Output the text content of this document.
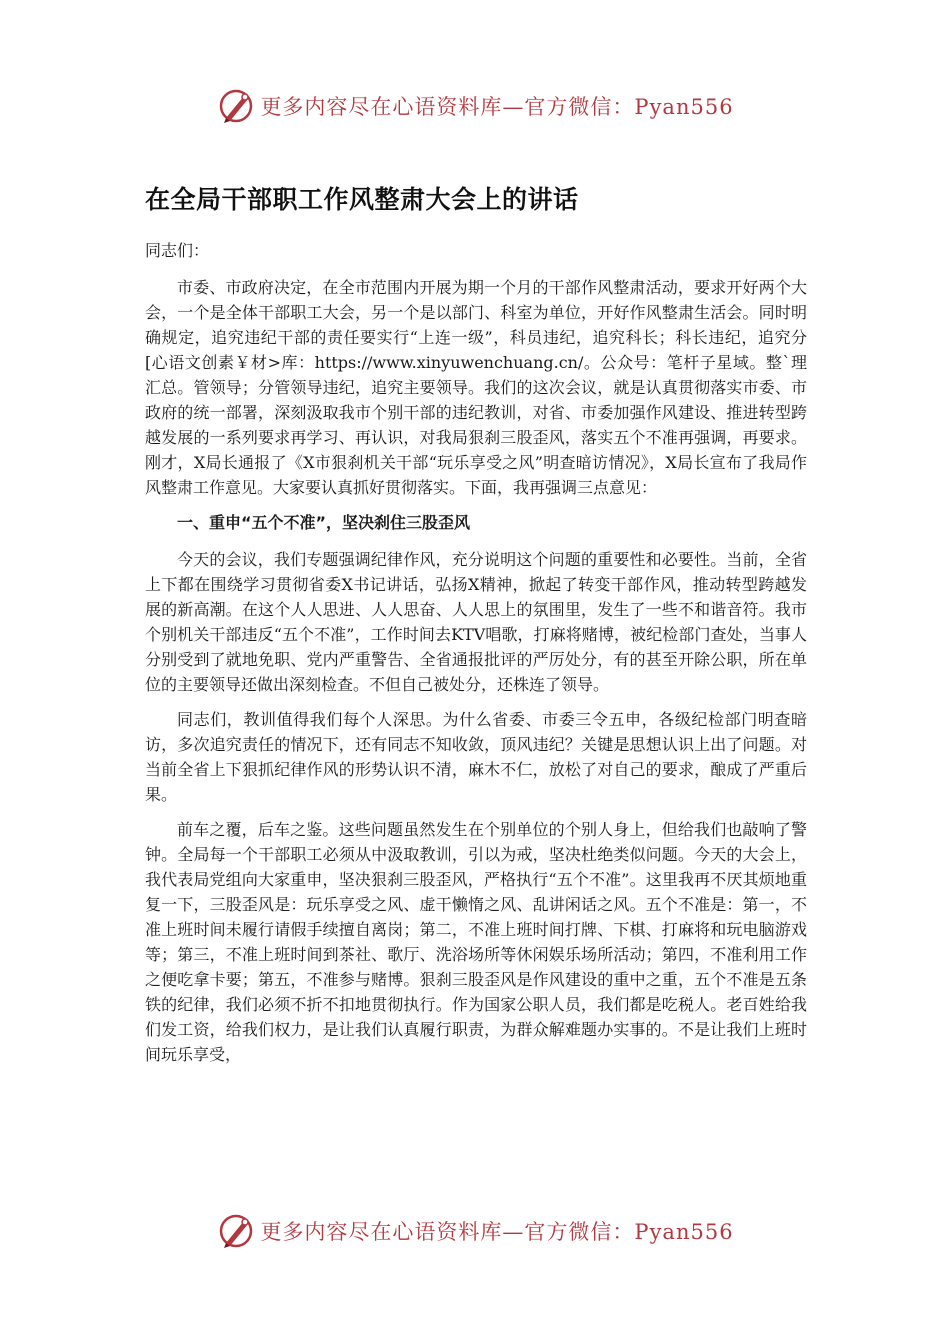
更多内容尽在心语资料库—官方微信：Pyan556
在全局干部职工作风整肃大会上的讲话

同志们：

市委、市政府决定，在全市范围内开展为期一个月的干部作风整肃活动，要求开好两个大会，一个是全体干部职工大会，另一个是以部门、科室为单位，开好作风整肃生活会。同时明确规定，追究违纪干部的责任要实行“上连一级”，科员违纪，追究科长；科长违纪，追究分[心语文创素￥材>库：https://www.xinyuwenchuang.cn/。公众号：笔杆子星域。整`理汇总。管领导；分管领导违纪，追究主要领导。我们的这次会议，就是认真贯彻落实市委、市政府的统一部署，深刻汲取我市个别干部的违纪教训，对省、市委加强作风建设、推进转型跨越发展的一系列要求再学习、再认识，对我局狠刹三股歪风，落实五个不准再强调，再要求。刚才，X局长通报了《X市狠刹机关干部“玩乐享受之风”明查暗访情况》，X局长宣布了我局作风整肃工作意见。大家要认真抓好贯彻落实。下面，我再强调三点意见：

一、重申“五个不准”，坚决刹住三股歪风

今天的会议，我们专题强调纪律作风，充分说明这个问题的重要性和必要性。当前，全省上下都在围绕学习贯彻省委X书记讲话，弘扬X精神，掀起了转变干部作风，推动转型跨越发展的新高潮。在这个人人思进、人人思奋、人人思上的氛围里，发生了一些不和谐音符。我市个别机关干部违反“五个不准”，工作时间去KTV唱歌，打麻将赌博，被纪检部门查处，当事人分别受到了就地免职、党内严重警告、全省通报批评的严厉处分，有的甚至开除公职，所在单位的主要领导还做出深刻检查。不但自己被处分，还株连了领导。

同志们，教训值得我们每个人深思。为什么省委、市委三令五申，各级纪检部门明查暗访，多次追究责任的情况下，还有同志不知收敛，顶风违纪？关键是思想认识上出了问题。对当前全省上下狠抓纪律作风的形势认识不清，麻木不仁，放松了对自己的要求，酿成了严重后果。

前车之覆，后车之鉴。这些问题虽然发生在个别单位的个别人身上，但给我们也敲响了警钟。全局每一个干部职工必须从中汲取教训，引以为戒，坚决杜绝类似问题。今天的大会上，我代表局党组向大家重申，坚决狠刹三股歪风，严格执行“五个不准”。这里我再不厌其烦地重复一下，三股歪风是：玩乐享受之风、虚干懒惰之风、乱讲闲话之风。五个不准是：第一，不准上班时间未履行请假手续擅自离岗；第二，不准上班时间打牌、下棋、打麻将和玩电脑游戏等；第三，不准上班时间到茶社、歌厅、洗浴场所等休闲娱乐场所活动；第四，不准利用工作之便吃拿卡要；第五，不准参与赌博。狠刹三股歪风是作风建设的重中之重，五个不准是五条铁的纪律，我们必须不折不扣地贯彻执行。作为国家公职人员，我们都是吃税人。老百姓给我们发工资，给我们权力，是让我们认真履行职责，为群众解难题办实事的。不是让我们上班时间玩乐享受，

更多内容尽在心语资料库—官方微信：Pyan556
